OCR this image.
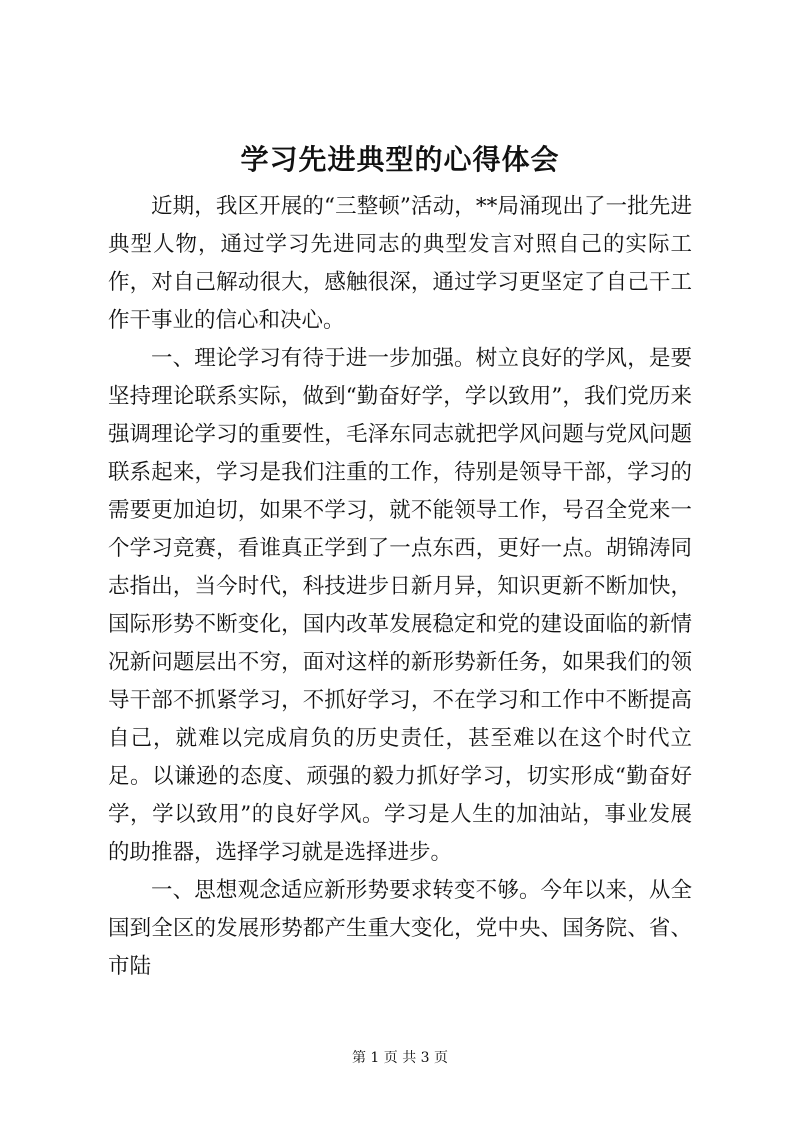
学习先进典型的心得体会

近期，我区开展的“三整顿”活动，**局涌现出了一批先进典型人物，通过学习先进同志的典型发言对照自己的实际工作，对自己解动很大，感触很深，通过学习更坚定了自己干工作干事业的信心和决心。

一、理论学习有待于进一步加强。树立良好的学风，是要坚持理论联系实际，做到“勤奋好学，学以致用”，我们党历来强调理论学习的重要性，毛泽东同志就把学风问题与党风问题联系起来，学习是我们注重的工作，待别是领导干部，学习的需要更加迫切，如果不学习，就不能领导工作，号召全党来一个学习竞赛，看谁真正学到了一点东西，更好一点。胡锦涛同志指出，当今时代，科技进步日新月异，知识更新不断加快，国际形势不断变化，国内改革发展稳定和党的建设面临的新情况新问题层出不穷，面对这样的新形势新任务，如果我们的领导干部不抓紧学习，不抓好学习，不在学习和工作中不断提高自己，就难以完成肩负的历史责任，甚至难以在这个时代立足。以谦逊的态度、顽强的毅力抓好学习，切实形成“勤奋好学，学以致用”的良好学风。学习是人生的加油站，事业发展的助推器，选择学习就是选择进步。

一、思想观念适应新形势要求转变不够。今年以来，从全国到全区的发展形势都产生重大变化，党中央、国务院、省、市陆

第 1 页 共 3 页
